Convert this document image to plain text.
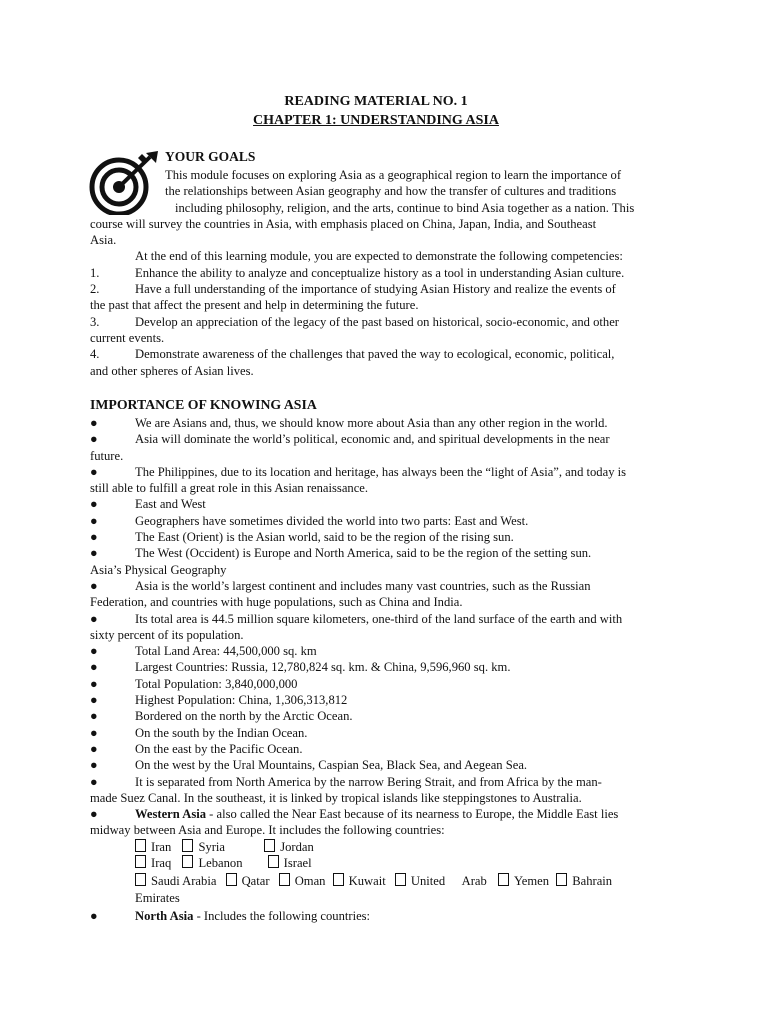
READING MATERIAL NO. 1
CHAPTER 1: UNDERSTANDING ASIA
YOUR GOALS
This module focuses on exploring Asia as a geographical region to learn the importance of
the relationships between Asian geography and how the transfer of cultures and traditions
including philosophy, religion, and the arts, continue to bind Asia together as a nation. This
course will survey the countries in Asia, with emphasis placed on China, Japan, India, and Southeast
Asia.
At the end of this learning module, you are expected to demonstrate the following competencies:
1.	Enhance the ability to analyze and conceptualize history as a tool in understanding Asian culture.
2.	Have a full understanding of the importance of studying Asian History and realize the events of
the past that affect the present and help in determining the future.
3.	Develop an appreciation of the legacy of the past based on historical, socio-economic, and other
current events.
4.	Demonstrate awareness of the challenges that paved the way to ecological, economic, political,
and other spheres of Asian lives.
IMPORTANCE OF KNOWING ASIA
●	We are Asians and, thus, we should know more about Asia than any other region in the world.
●	Asia will dominate the world’s political, economic and, and spiritual developments in the near
future.
●	The Philippines, due to its location and heritage, has always been the “light of Asia”, and today is
still able to fulfill a great role in this Asian renaissance.
●	East and West
●	Geographers have sometimes divided the world into two parts: East and West.
●	The East (Orient) is the Asian world, said to be the region of the rising sun.
●	The West (Occident) is Europe and North America, said to be the region of the setting sun.
Asia’s Physical Geography
●	Asia is the world’s largest continent and includes many vast countries, such as the Russian
Federation, and countries with huge populations, such as China and India.
●	Its total area is 44.5 million square kilometers, one-third of the land surface of the earth and with
sixty percent of its population.
●	Total Land Area: 44,500,000 sq. km
●	Largest Countries: Russia, 12,780,824 sq. km. & China, 9,596,960 sq. km.
●	Total Population: 3,840,000,000
●	Highest Population: China, 1,306,313,812
●	Bordered on the north by the Arctic Ocean.
●	On the south by the Indian Ocean.
●	On the east by the Pacific Ocean.
●	On the west by the Ural Mountains, Caspian Sea, Black Sea, and Aegean Sea.
●	It is separated from North America by the narrow Bering Strait, and from Africa by the man-
made Suez Canal. In the southeast, it is linked by tropical islands like steppingstones to Australia.
●	Western Asia - also called the Near East because of its nearness to Europe, the Middle East lies
midway between Asia and Europe. It includes the following countries:
Iran Syria	Jordan
Iraq Lebanon	Israel
Saudi Arabia Qatar Oman Kuwait United Arab Yemen Bahrain
Emirates
●	North Asia - Includes the following countries:
